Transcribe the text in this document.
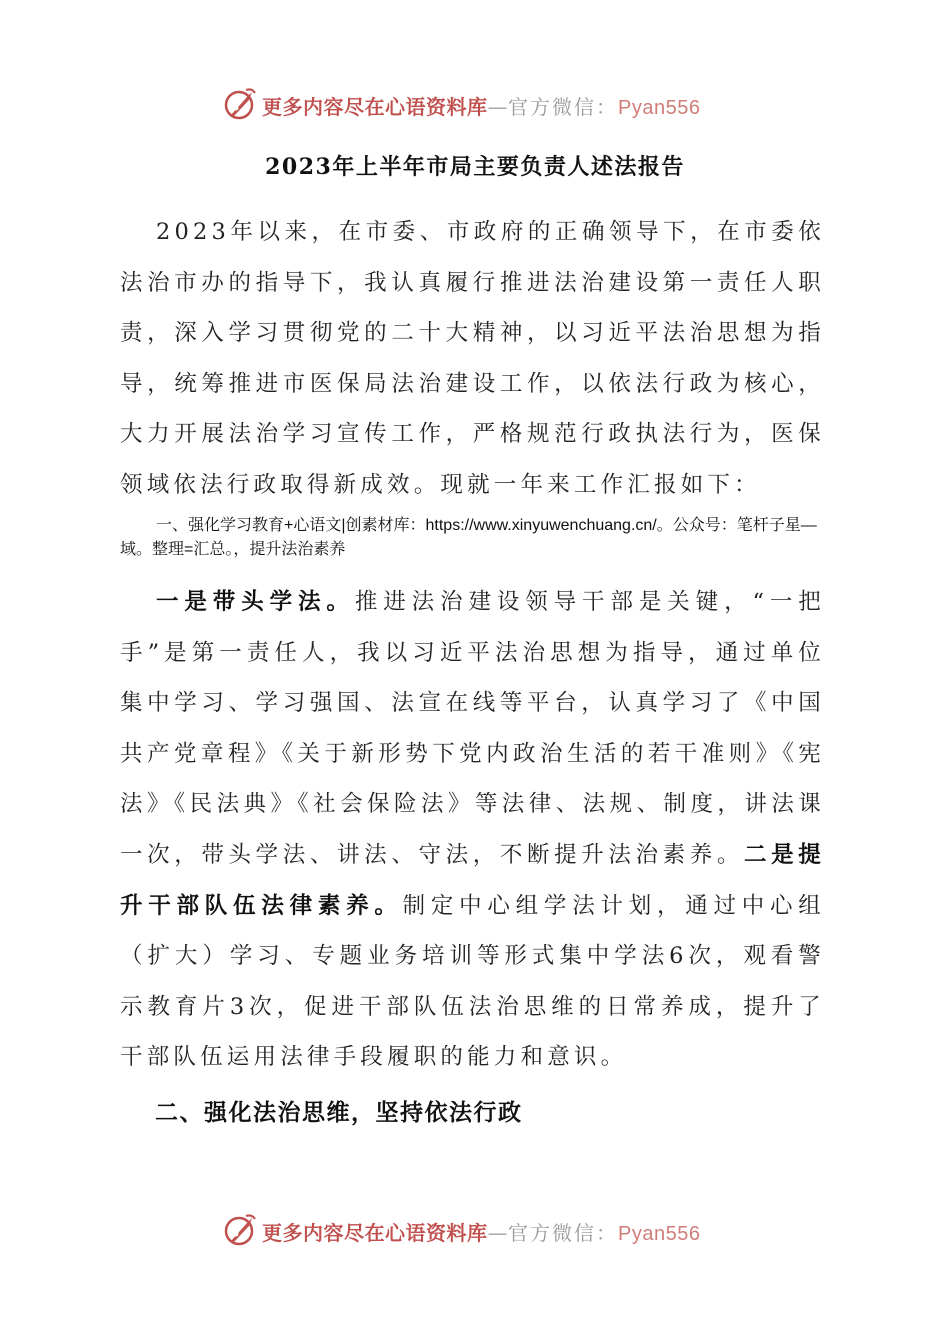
更多内容尽在心语资料库—官方微信：Pyan556
2023年上半年市局主要负责人述法报告

2023年以来，在市委、市政府的正确领导下，在市委依法治市办的指导下，我认真履行推进法治建设第一责任人职责，深入学习贯彻党的二十大精神，以习近平法治思想为指导，统筹推进市医保局法治建设工作，以依法行政为核心，大力开展法治学习宣传工作，严格规范行政执法行为，医保领域依法行政取得新成效。现就一年来工作汇报如下：

一、强化学习教育+心语文|创素材库：https://www.xinyuwenchuang.cn/。公众号：笔杆子星—域。整理=汇总。，提升法治素养

一是带头学法。推进法治建设领导干部是关键，“一把手”是第一责任人，我以习近平法治思想为指导，通过单位集中学习、学习强国、法宣在线等平台，认真学习了《中国共产党章程》《关于新形势下党内政治生活的若干准则》《宪法》《民法典》《社会保险法》等法律、法规、制度，讲法课一次，带头学法、讲法、守法，不断提升法治素养。二是提升干部队伍法律素养。制定中心组学法计划，通过中心组（扩大）学习、专题业务培训等形式集中学法6次，观看警示教育片3次，促进干部队伍法治思维的日常养成，提升了干部队伍运用法律手段履职的能力和意识。

二、强化法治思维，坚持依法行政
更多内容尽在心语资料库—官方微信：Pyan556
